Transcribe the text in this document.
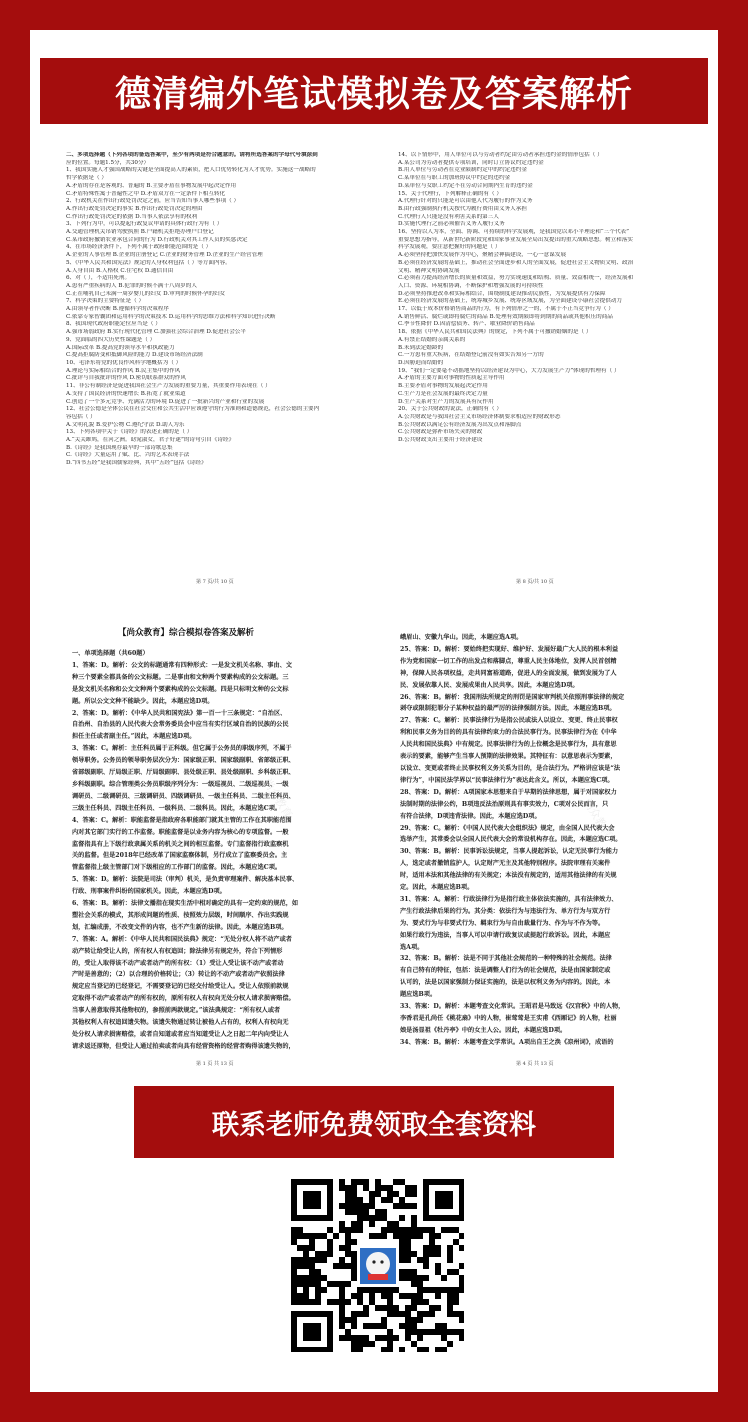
德清编外笔试模拟卷及答案解析

二、多项选择题（下列各项的备选答案中，至少有两项是符合题意的。请将所选答案的字母代号填涂到

应的位置。每题1.5分，共30分）

1、我国实施人才强国战略的关键是全面提高人的素质，把人口优势转化为人才优势。实施这一战略的

哲学依据是（ ）

A.矛盾的存在是客观的、普遍的 B.主要矛盾在事物发展中起决定作用

C.矛盾特殊性寓于普遍性之中 D.矛盾双方在一定条件下相互转化

2、行政机关在作出行政处罚决定之前，应当告知当事人哪些事项（ ）

A.作出行政处罚决定的事实 B.作出行政处罚决定的理由

C.作出行政处罚决定的依据 D.当事人依法享有的权利

3、下列行为中，可以提起行政复议申请的具体行政行为有（ ）

A.交通管理机关吊销驾驶执照 B.户籍机关拒绝办理户口登记

C.某市政府撤销农业承包合同的行为 D.行政机关对其工作人员的奖惩决定

4、在市场经济条件下，下列不属于政府职能范围的是（ ）

A.企业的人事管理 B.企业的注册登记 C.企业的财务管理 D.企业的生产经营管理

5、《中华人民共和国宪法》规定的人身权利包括（ ）等方面内容。

A.人身自由 B.人格权 C.住宅权 D.通信自由

6、对（ ），不适用死刑。

A.患有严重疾病的人 B.犯罪的时候不满十八周岁的人

C.正在哺乳自己未满一周岁婴儿的妇女 D.审判的时候怀孕的妇女

7、科学决策的主要特征是（ ）

A.由领导者作决断 B.遵循科学的决策程序

C.依靠专家智囊团和运用科学的决策技术 D.运用科学的思维方法和科学知识进行决断

8、我国现代政府职能定位应当是（ ）

A.强市场弱政府 B.实行现代化管理 C.加强社会综合治理 D.促进社会公平

9、党面临的四大历史性课题是（ ）

A.国际改革 B.提高党的领导水平和执政能力

C.提高拒腐防变和抵御风险的能力 D.建设市场经济法制

10、毛泽东将党的优良作风科学地概括为（ ）

A.理论与实际相结合的作风 B.民主集中的作风

C.批评与自我批评的作风 D.密切联系群众的作风

11、非公有制经济是促进我国社会生产力发展的重要力量，其重要作用表现在（ ）

A.支持了国民经济的快速增长 B.拓宽了就业渠道

C.创造了一个多元竞争、充满活力的环境 D.促进了一批新兴的产业和行业的发展

12、社会公德是全体公民在社会交往和公共生活中应该遵守的行为准则和道德规范，社会公德的主要内

容包括（ ）

A.文明礼貌 B.爱护公物 C.遵纪守法 D.助人为乐

13、下列各项中关于《诗经》的表述正确的是（ ）

A.“关关雎鸠，在河之洲。窈窕淑女，君子好逑”的诗句引自《诗经》

B.《诗经》是我国现存最早的一部诗歌总集

C.《诗经》大量运用了赋、比、兴的艺术表现手法

D.“四书五经”是我国儒家经典，其中“五经”包括《诗经》

14、以下情形中，用人单位可以与劳动者约定由劳动者承担违约金的情形包括（ ）

A.某公司为劳动者提供专项培训，同时订立协议约定违约金

B.用人单位与劳动者在竞业限制约定中的约定违约金

C.某单位在与职工的加班协议中约定的违约金

D.某单位与女职工约定不在劳动合同期内生育的违约金

15、关于代理行，下列解释正确的有（ ）

A.代理行针对的只能是可以由他人代为履行的作为义务

B.由行政强制执行机关按代为履行费用由义务人承担

C.代理行人只能是没有利害关系的第三人

D.实施代理行之前必须催告义务人履行义务

16、坚持以人为本，全面、协调、可持续的科学发展观，是我国党以邓小平理论和“三个代表”

重要思想为指导，从新世纪新阶段党和国家事业发展全局出发提出的重大战略思想。树立和落实

科学发展观，要注意把握好的问题是（ ）

A.必须坚持把加快发展作为中心，聚精会神搞建设，一心一意谋发展

B.必须在经济发展的基础上，推动社会全面进步和人的全面发展，促进社会主义物质文明、政治

文明、精神文明协调发展

C.必须着力提高经济增长的质量和效益，努力实现速度和结构、质量、效益相统一，经济发展和

人口、资源、环境相协调，不断保护和增强发展的可持续性

D.必须坚持推进改革和实际相结合，围绕制度建设推动民族性，为发展提供有力保障

E.必须在经济发展的基础上，统筹城乡发展、统筹区域发展，为全面建设小康社会提供动力

17、以低于成本价格销售商品的行为，有下列情形之一的，不属于不正当竞争行为（ ）

A.销售鲜活、腐烂或即将腐烂的商品 B.处理有效期限即将到期的商品或其他积压的商品

C.季节性降价 D.因清偿债务、转产、歇业降价销售商品

18、依据《中华人民共和国民法典》的规定，下列不属于可撤销婚姻的是（ ）

A.有禁止结婚的亲属关系的

B.未到法定婚龄的

C.一方患有重大疾病，在结婚登记前没有如实告知另一方的

D.因胁迫而结婚的

19、“我们一定要毫不动摇地坚持以经济建设为中心，大力发展生产力”体现的哲理有（ ）

A.矛盾的主要方面对事物的性质起主导作用

B.主要矛盾对事物的发展起决定作用

C.生产力是社会发展的最终决定力量

D.生产关系对生产力的发展具有反作用

20、关于公共财政的说法，正确的有（ ）

A.公共财政是与我国社会主义市场经济体制要求相适应的财政形态

B.公共财政以满足公有经济发展为出发点和落脚点

C.公共财政是弥补市场失灵的财政

D.公共财政支出主要用于经济建设

第 7 页/共 10 页	第 8 页/共 10 页
【尚众教育】综合模拟卷答案及解析

一、单项选择题（共60题）

1、答案：D。解析：公文的标题通常有四种形式：一是发文机关名称、事由、文

种三个要素全都具备的公文标题。二是事由和文种两个要素构成的公文标题。三

是发文机关名称和公文文种两个要素构成的公文标题。四是只标明文种的公文标

题。所以公文文种不能缺少。因此，本题应选D项。

2、答案：D。解析：《中华人民共和国宪法》第一百一十三条规定：“自治区、

自治州、自治县的人民代表大会常务委员会中应当有实行区域自治的民族的公民

担任主任或者副主任。”因此，本题应选D项。

3、答案：C。解析：主任科员属于正科级。但它属于公务员的职级序列，不属于

领导职务。公务员的领导职务层次分为：国家级正职、国家级副职、省部级正职、

省部级副职、厅局级正职、厅局级副职、县处级正职、县处级副职、乡科级正职、

乡科级副职。综合管理类公务员职级序列分为：一级巡视员、二级巡视员、一级

调研员、二级调研员、三级调研员、四级调研员、一级主任科员、二级主任科员、

三级主任科员、四级主任科员、一级科员、二级科员。因此，本题应选C项。

4、答案：C。解析：职能监督是指政府各职能部门就其主管的工作在其职能范围

内对其它部门实行的工作监督。职能监督是以业务内容为核心的专项监督。一般

监督指具有上下级行政隶属关系的机关之间的相互监督。专门监督指行政监察机

关的监督。但是2018年已经改革了国家监察体制，另行成立了监察委员会。主

管监督指上级主管部门对下级相应的工作部门的监督。因此，本题应选C项。

5、答案：D。解析：法院是司法（审判）机关，是负责审理案件、解决基本民事、

行政、刑事案件纠纷的国家机关。因此，本题应选D项。

6、答案：B。解析：法律文播指在现实生活中相对确定的具有一定约束的规范，如

塑社会关系的模式，其形成问题的性质、按照效力层级，时间顺序、作出实践规

划，汇编成册，不改变文件的内容，也不产生新的法律。因此，本题应选B项。

7、答案：A。解析：《中华人民共和国民法典》规定：“无处分权人将不动产或者

动产转让给受让人的，所有权人有权追回；除法律另有规定外，符合下列情形

的，受让人取得该不动产或者动产的所有权：（1）受让人受让该不动产或者动

产时是善意的；（2）以合理的价格转让；（3）转让的不动产或者动产依照法律

规定应当登记的已经登记，不需要登记的已经交付给受让人。受让人依照前款规

定取得不动产或者动产的所有权的，原所有权人有权向无处分权人请求损害赔偿。

当事人善意取得其他物权的，参照前两款规定。”该法典规定：“所有权人或者

其他权利人有权追回遗失物。该遗失物通过转让被他人占有的，权利人有权向无

处分权人请求损害赔偿，或者自知道或者应当知道受让人之日起二年内向受让人

请求返还原物，但受让人通过拍卖或者向具有经营资格的经营者购得该遗失物的，

峨眉山、安徽九华山。因此，本题应选A项。

25、答案：D。解析：要始终把实现好、维护好、发展好最广大人民的根本利益

作为党和国家一切工作的出发点和落脚点，尊重人民主体地位，发挥人民首创精

神，保障人民各项权益，走共同富裕道路，促进人的全面发展，做到发展为了人

民、发展依靠人民、发展成果由人民共享。因此，本题应选D项。

26、答案：B。解析：我国刑法所规定的刑罚是国家审判机关依照刑事法律的规定

剥夺或限制犯罪分子某种权益的最严厉的法律强制方法。因此，本题应选B项。

27、答案：C。解析：民事法律行为是指公民或法人以设立、变更、终止民事权

利和民事义务为目的的具有法律约束力的合法民事行为。民事法律行为在《中华

人民共和国民法典》中有规定。民事法律行为的上位概念是民事行为，具有意思

表示的要素，能够产生当事人预期的法律效果。其特征有：以意思表示为要素，

以设立、变更或者终止民事权利义务关系为目的，是合法行为。严格讲应该是“法

律行为”，中国民法学界以“民事法律行为”表达此含义。所以，本题应选C项。

28、答案：D。解析：A项国家本思想来自于早期的法律思想，属于对国家权力

法制时期的法律公约，B项违反法治原则具有事实效力，C项对公民而言，只

有符合法律，D项违背法律。因此，本题应选D项。

29、答案：C。解析：《中国人民代表大会组织法》规定，由全国人民代表大会

选举产生，其常委会以全国人民代表大会的常设机构存在。因此，本题应选C项。

30、答案：B。解析：民事诉讼法规定，当事人提起诉讼，认定无民事行为能力

人，选定或者撤销监护人，认定财产无主及其他特别程序。法院审理有关案件

时，适用本法和其他法律的有关规定；本法没有规定的，适用其他法律的有关规

定。因此，本题应选B项。

31、答案：A。解析：行政法律行为是指行政主体依法实施的，具有法律效力、

产生行政法律后果的行为。其分类：依法行为与违法行为、单方行为与双方行

为、要式行为与非要式行为、羁束行为与自由裁量行为、作为与不作为等。

如果行政行为违法，当事人可以申请行政复议或提起行政诉讼。因此，本题应

选A项。

32、答案：B。解析：法是不同于其他社会规范的一种特殊的社会规范。法律

有自己特有的特征，包括：法是调整人们行为的社会规范，法是由国家制定或

认可的，法是以国家强制力保证实施的，法是以权利义务为内容的。因此，本

题应选B项。

33、答案：D。解析：本题考查文化常识。王昭君是马致远《汉宫秋》中的人物，

李香君是孔尚任《桃花扇》中的人物，崔莺莺是王实甫《西厢记》的人物，杜丽

娘是汤显祖《牡丹亭》中的女主人公。因此，本题应选D项。

34、答案：B。解析：本题考查文学常识。A项出自王之涣《凉州词》，成语的

第 1 页 共 13 页	第 4 页 共 13 页
尚众教育	尚众教育
联系老师免费领取全套资料
